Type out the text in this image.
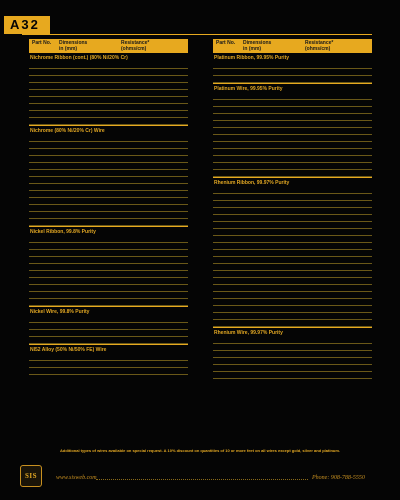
A32
Part No.	Dimensions
in (mm)
Resistance*
(ohms/cm)
Nichrome Ribbon (cont.) (80% Ni/20% Cr)
Nichrome (80% Ni/20% Cr) Wire
Nickel Ribbon, 99.8% Purity
Nickel Wire, 99.8% Purity
NI52 Alloy (50% Ni/50% FE) Wire
Part No.	Dimensions
in (mm)
Resistance*
(ohms/cm)
Platinum Ribbon, 99.95% Purity
Platinum Wire, 99.95% Purity
Rhenium Ribbon, 99.97% Purity
Rhenium Wire, 99.97% Purity
Additional types of wires available on special request. A 10% discount on quantities of 10 or more feet on all wires except gold, silver and platinum.
SIS	www.sisweb.com	Phone: 908-788-5550
